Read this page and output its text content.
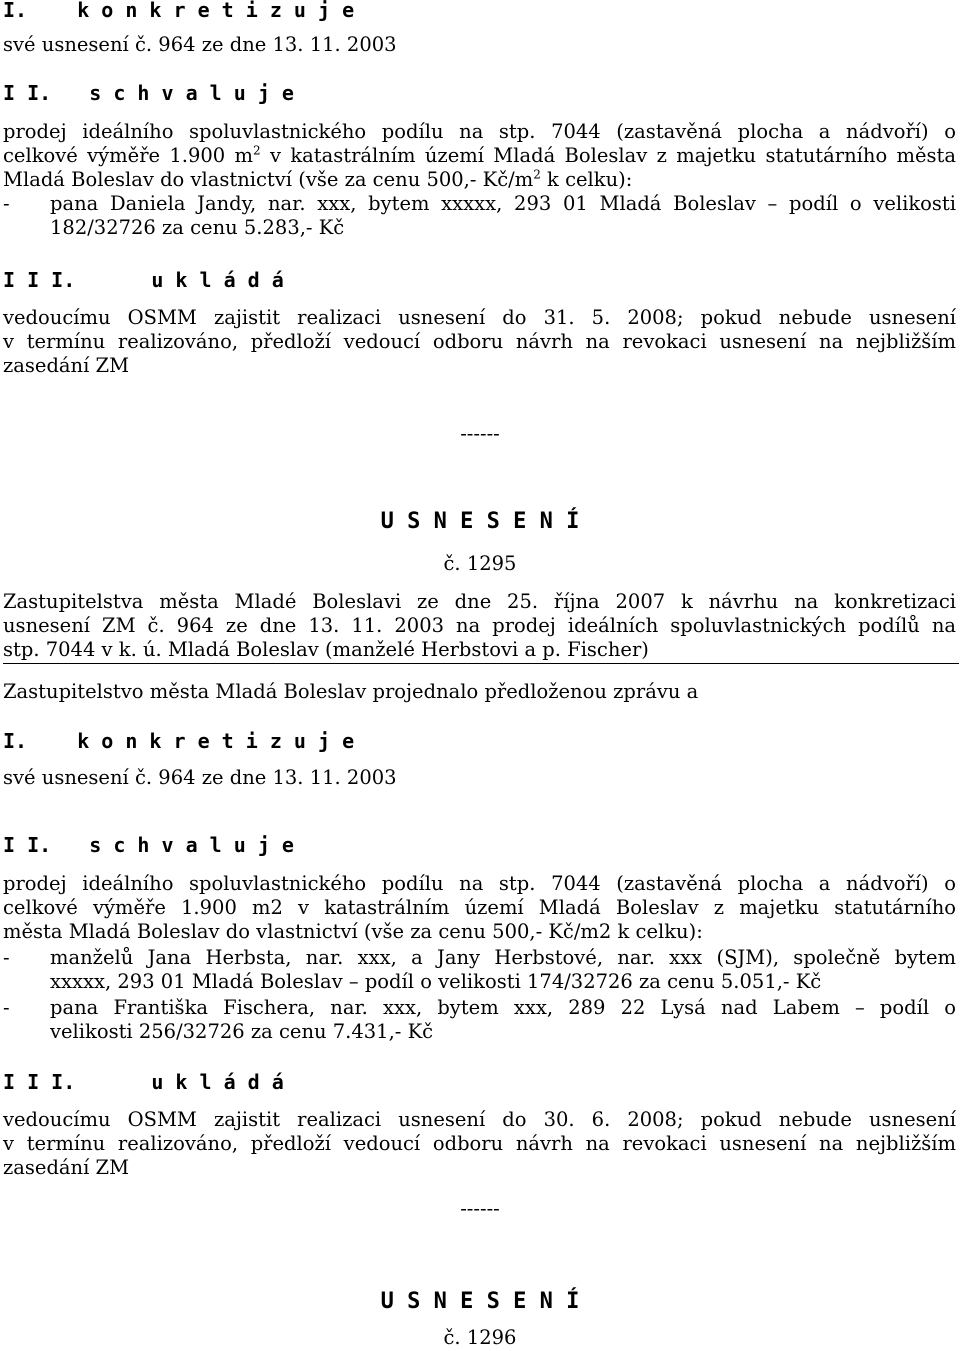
I.	k o n k r e t i z u j e
své usnesení č. 964 ze dne 13. 11. 2003
I I. s c h v a l u j e
prodej ideálního spoluvlastnického podílu na stp. 7044 (zastavěná plocha a nádvoří) o
celkové výměře 1.900 $m^2$ v katastrálním území Mladá Boleslav z majetku statutárního města
Mladá Boleslav do vlastnictví (vše za cenu 500,- $Kč/m^2$ k celku):
- pana Daniela Jandy, nar. xxx, bytem xxxxx, 293 01 Mladá Boleslav – podíl o velikosti
182/32726 za cenu 5.283,- Kč
I I I.	u k l á d á
vedoucímu OSMM zajistit realizaci usnesení do 31. 5. 2008; pokud nebude usnesení
v termínu realizováno, předloží vedoucí odboru návrh na revokaci usnesení na nejbližším
zasedání ZM
------
U S N E S E N Í
č. 1295
Zastupitelstva města Mladé Boleslavi ze dne 25. října 2007 k návrhu na konkretizaci
usnesení ZM č. 964 ze dne 13. 11. 2003 na prodej ideálních spoluvlastnických podílů na
stp. 7044 v k. ú. Mladá Boleslav (manželé Herbstovi a p. Fischer)
Zastupitelstvo města Mladá Boleslav projednalo předloženou zprávu a
I.	k o n k r e t i z u j e
své usnesení č. 964 ze dne 13. 11. 2003
I I. s c h v a l u j e
prodej ideálního spoluvlastnického podílu na stp. 7044 (zastavěná plocha a nádvoří) o
celkové výměře 1.900 m2 v katastrálním území Mladá Boleslav z majetku statutárního
města Mladá Boleslav do vlastnictví (vše za cenu 500,- Kč/m2 k celku):
- manželů Jana Herbsta, nar. xxx, a Jany Herbstové, nar. xxx (SJM), společně bytem
xxxxx, 293 01 Mladá Boleslav – podíl o velikosti 174/32726 za cenu 5.051,- Kč
- pana Františka Fischera, nar. xxx, bytem xxx, 289 22 Lysá nad Labem – podíl o
velikosti 256/32726 za cenu 7.431,- Kč
I I I.	u k l á d á
vedoucímu OSMM zajistit realizaci usnesení do 30. 6. 2008; pokud nebude usnesení
v termínu realizováno, předloží vedoucí odboru návrh na revokaci usnesení na nejbližším
zasedání ZM
------
U S N E S E N Í
č. 1296
